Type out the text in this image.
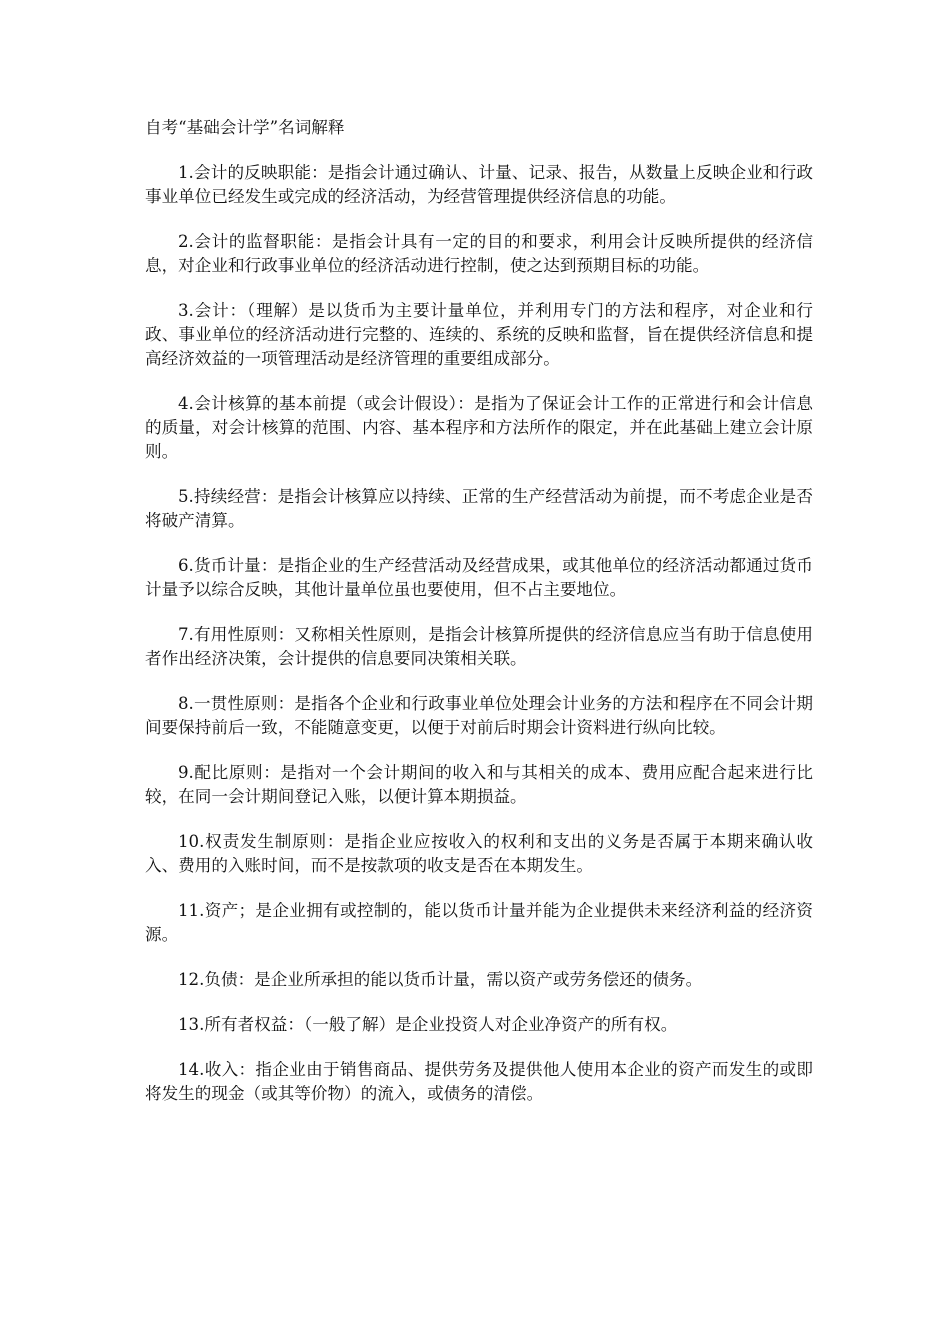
自考“基础会计学”名词解释

1.会计的反映职能：是指会计通过确认、计量、记录、报告，从数量上反映企业和行政事业单位已经发生或完成的经济活动，为经营管理提供经济信息的功能。

2.会计的监督职能：是指会计具有一定的目的和要求，利用会计反映所提供的经济信息，对企业和行政事业单位的经济活动进行控制，使之达到预期目标的功能。

3.会计：（理解）是以货币为主要计量单位，并利用专门的方法和程序，对企业和行政、事业单位的经济活动进行完整的、连续的、系统的反映和监督，旨在提供经济信息和提高经济效益的一项管理活动是经济管理的重要组成部分。

4.会计核算的基本前提（或会计假设）：是指为了保证会计工作的正常进行和会计信息的质量，对会计核算的范围、内容、基本程序和方法所作的限定，并在此基础上建立会计原则。

5.持续经营：是指会计核算应以持续、正常的生产经营活动为前提，而不考虑企业是否将破产清算。

6.货币计量：是指企业的生产经营活动及经营成果，或其他单位的经济活动都通过货币计量予以综合反映，其他计量单位虽也要使用，但不占主要地位。

7.有用性原则：又称相关性原则，是指会计核算所提供的经济信息应当有助于信息使用者作出经济决策，会计提供的信息要同决策相关联。

8.一贯性原则：是指各个企业和行政事业单位处理会计业务的方法和程序在不同会计期间要保持前后一致，不能随意变更，以便于对前后时期会计资料进行纵向比较。

9.配比原则：是指对一个会计期间的收入和与其相关的成本、费用应配合起来进行比较，在同一会计期间登记入账，以便计算本期损益。

10.权责发生制原则：是指企业应按收入的权利和支出的义务是否属于本期来确认收入、费用的入账时间，而不是按款项的收支是否在本期发生。

11.资产；是企业拥有或控制的，能以货币计量并能为企业提供未来经济利益的经济资源。

12.负债：是企业所承担的能以货币计量，需以资产或劳务偿还的债务。

13.所有者权益：（一般了解）是企业投资人对企业净资产的所有权。

14.收入：指企业由于销售商品、提供劳务及提供他人使用本企业的资产而发生的或即将发生的现金（或其等价物）的流入，或债务的清偿。
